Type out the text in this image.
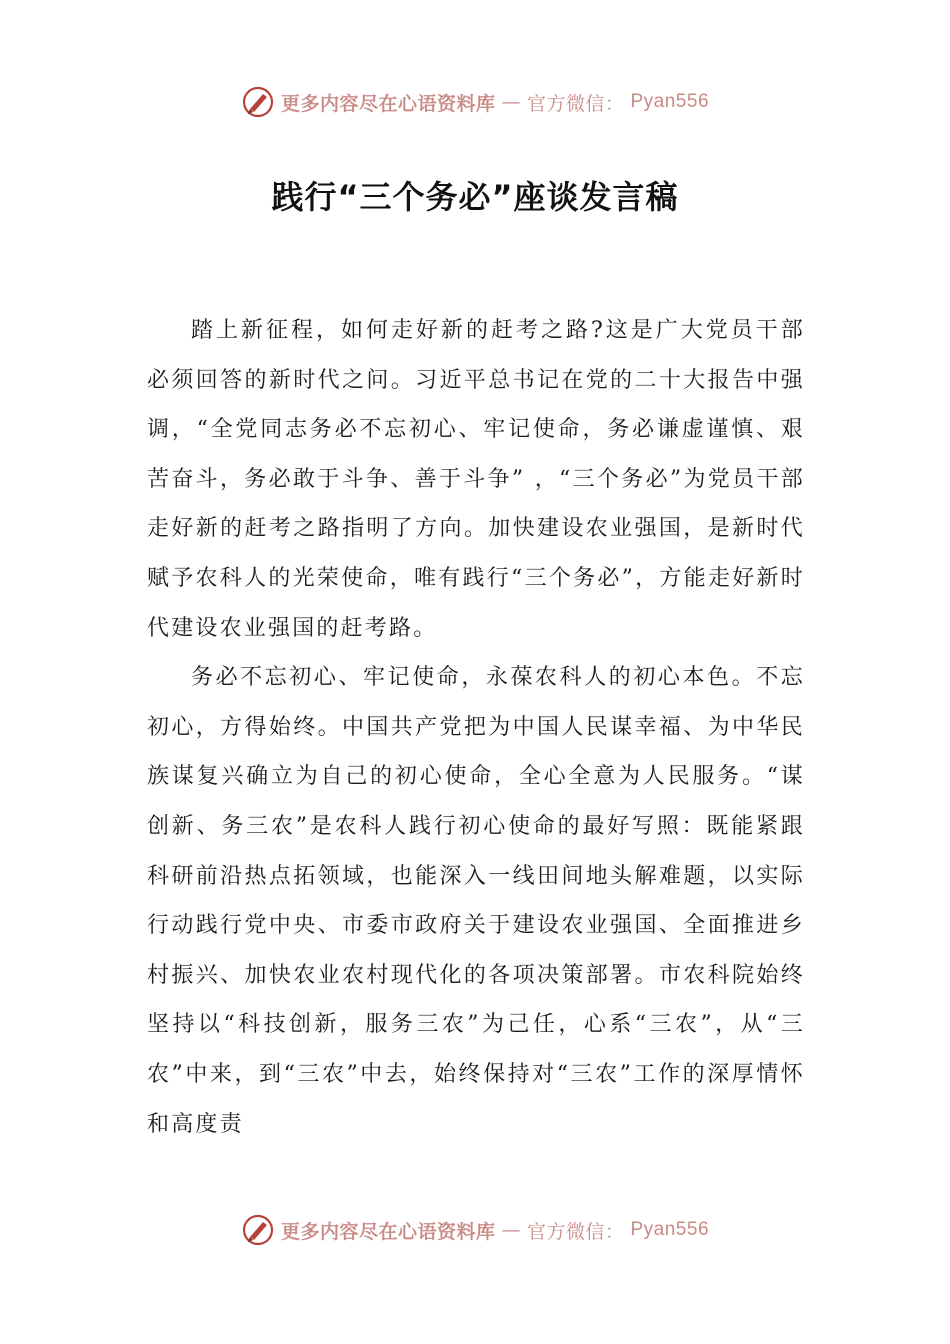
更多内容尽在心语资料库 — 官方微信： Pyan556
践行“三个务必”座谈发言稿

踏上新征程，如何走好新的赶考之路?这是广大党员干部必须回答的新时代之问。习近平总书记在党的二十大报告中强调，“全党同志务必不忘初心、牢记使命，务必谦虚谨慎、艰苦奋斗，务必敢于斗争、善于斗争” ，“三个务必”为党员干部走好新的赶考之路指明了方向。加快建设农业强国，是新时代赋予农科人的光荣使命，唯有践行“三个务必”，方能走好新时代建设农业强国的赶考路。

务必不忘初心、牢记使命，永葆农科人的初心本色。不忘初心，方得始终。中国共产党把为中国人民谋幸福、为中华民族谋复兴确立为自己的初心使命，全心全意为人民服务。“谋创新、务三农”是农科人践行初心使命的最好写照：既能紧跟科研前沿热点拓领域，也能深入一线田间地头解难题，以实际行动践行党中央、市委市政府关于建设农业强国、全面推进乡村振兴、加快农业农村现代化的各项决策部署。市农科院始终坚持以“科技创新，服务三农”为己任，心系“三农”，从“三农”中来，到“三农”中去，始终保持对“三农”工作的深厚情怀和高度责

更多内容尽在心语资料库 — 官方微信： Pyan556
